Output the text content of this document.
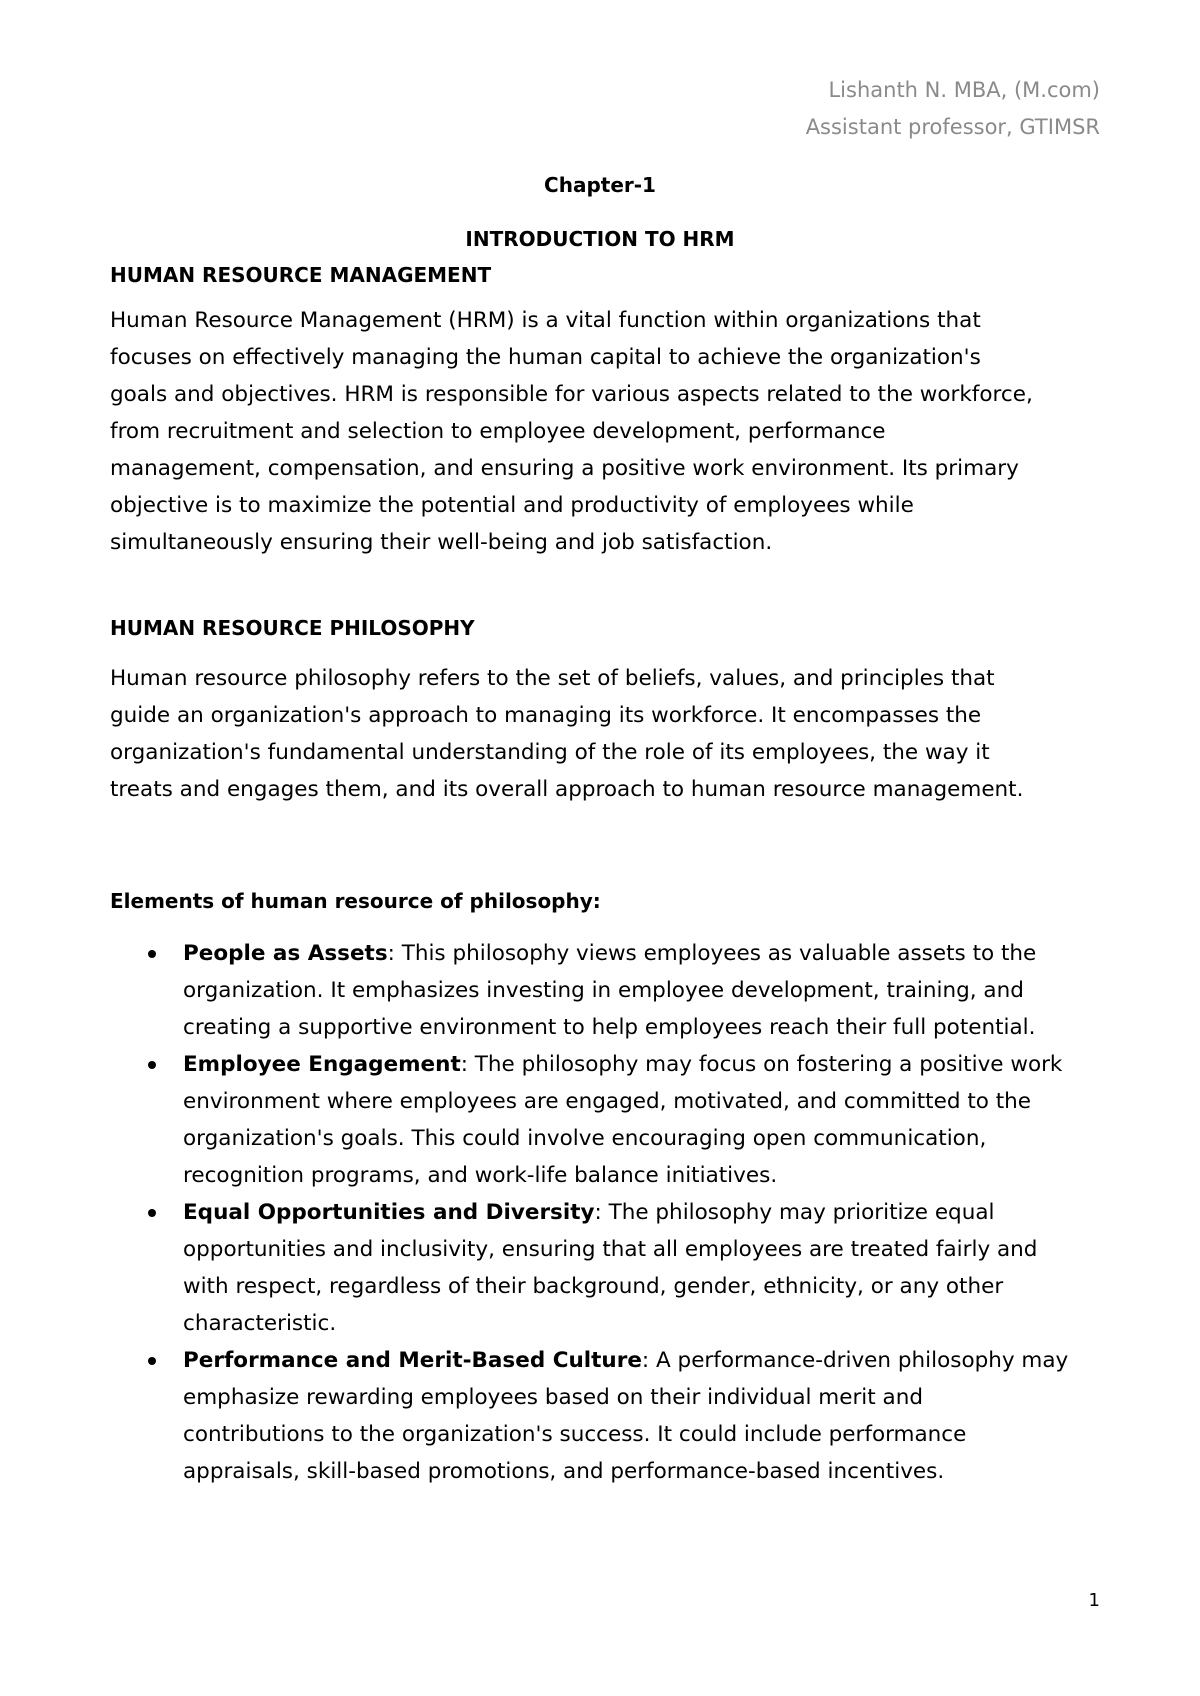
Lishanth N. MBA, (M.com)
Assistant professor, GTIMSR
Chapter-1
INTRODUCTION TO HRM
HUMAN RESOURCE MANAGEMENT
Human Resource Management (HRM) is a vital function within organizations that
focuses on effectively managing the human capital to achieve the organization's
goals and objectives. HRM is responsible for various aspects related to the workforce,
from recruitment and selection to employee development, performance
management, compensation, and ensuring a positive work environment. Its primary
objective is to maximize the potential and productivity of employees while
simultaneously ensuring their well-being and job satisfaction.
HUMAN RESOURCE PHILOSOPHY
Human resource philosophy refers to the set of beliefs, values, and principles that
guide an organization's approach to managing its workforce. It encompasses the
organization's fundamental understanding of the role of its employees, the way it
treats and engages them, and its overall approach to human resource management.
Elements of human resource of philosophy:
People as Assets: This philosophy views employees as valuable assets to the
organization. It emphasizes investing in employee development, training, and
creating a supportive environment to help employees reach their full potential.
Employee Engagement: The philosophy may focus on fostering a positive work
environment where employees are engaged, motivated, and committed to the
organization's goals. This could involve encouraging open communication,
recognition programs, and work-life balance initiatives.
Equal Opportunities and Diversity: The philosophy may prioritize equal
opportunities and inclusivity, ensuring that all employees are treated fairly and
with respect, regardless of their background, gender, ethnicity, or any other
characteristic.
Performance and Merit-Based Culture: A performance-driven philosophy may
emphasize rewarding employees based on their individual merit and
contributions to the organization's success. It could include performance
appraisals, skill-based promotions, and performance-based incentives.
1
